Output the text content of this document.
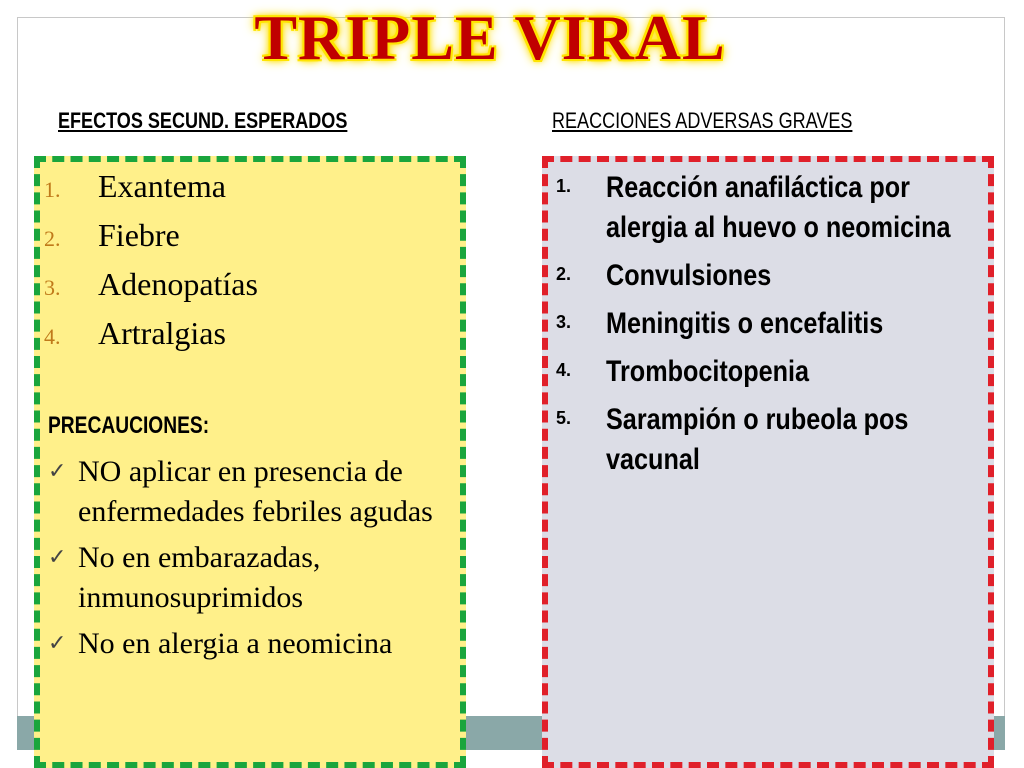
TRIPLE VIRAL
EFECTOS SECUND. ESPERADOS	REACCIONES ADVERSAS GRAVES
1. Exantema
2. Fiebre
3. Adenopatías
4. Artralgias
PRECAUCIONES:
✓ NO aplicar en presencia de enfermedades febriles agudas
✓ No en embarazadas, inmunosuprimidos
✓ No en alergia a neomicina
1. Reacción anafiláctica por alergia al huevo o neomicina
2. Convulsiones
3. Meningitis o encefalitis
4. Trombocitopenia
5. Sarampión o rubeola pos vacunal
